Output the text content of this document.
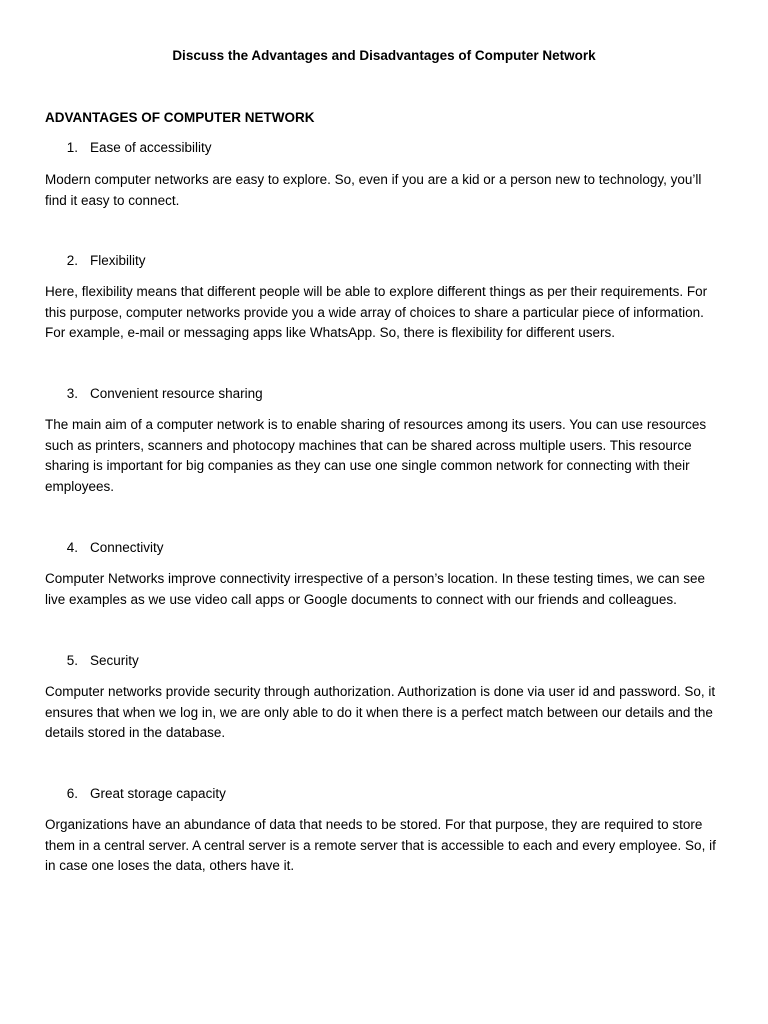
Discuss the Advantages and Disadvantages of Computer Network
ADVANTAGES OF COMPUTER NETWORK
1. Ease of accessibility

Modern computer networks are easy to explore. So, even if you are a kid or a person new to technology, you’ll find it easy to connect.

2. Flexibility

Here, flexibility means that different people will be able to explore different things as per their requirements. For this purpose, computer networks provide you a wide array of choices to share a particular piece of information. For example, e-mail or messaging apps like WhatsApp. So, there is flexibility for different users.

3. Convenient resource sharing

The main aim of a computer network is to enable sharing of resources among its users. You can use resources such as printers, scanners and photocopy machines that can be shared across multiple users. This resource sharing is important for big companies as they can use one single common network for connecting with their employees.

4. Connectivity

Computer Networks improve connectivity irrespective of a person’s location. In these testing times, we can see live examples as we use video call apps or Google documents to connect with our friends and colleagues.

5. Security

Computer networks provide security through authorization. Authorization is done via user id and password. So, it ensures that when we log in, we are only able to do it when there is a perfect match between our details and the details stored in the database.

6. Great storage capacity

Organizations have an abundance of data that needs to be stored. For that purpose, they are required to store them in a central server. A central server is a remote server that is accessible to each and every employee. So, if in case one loses the data, others have it.
